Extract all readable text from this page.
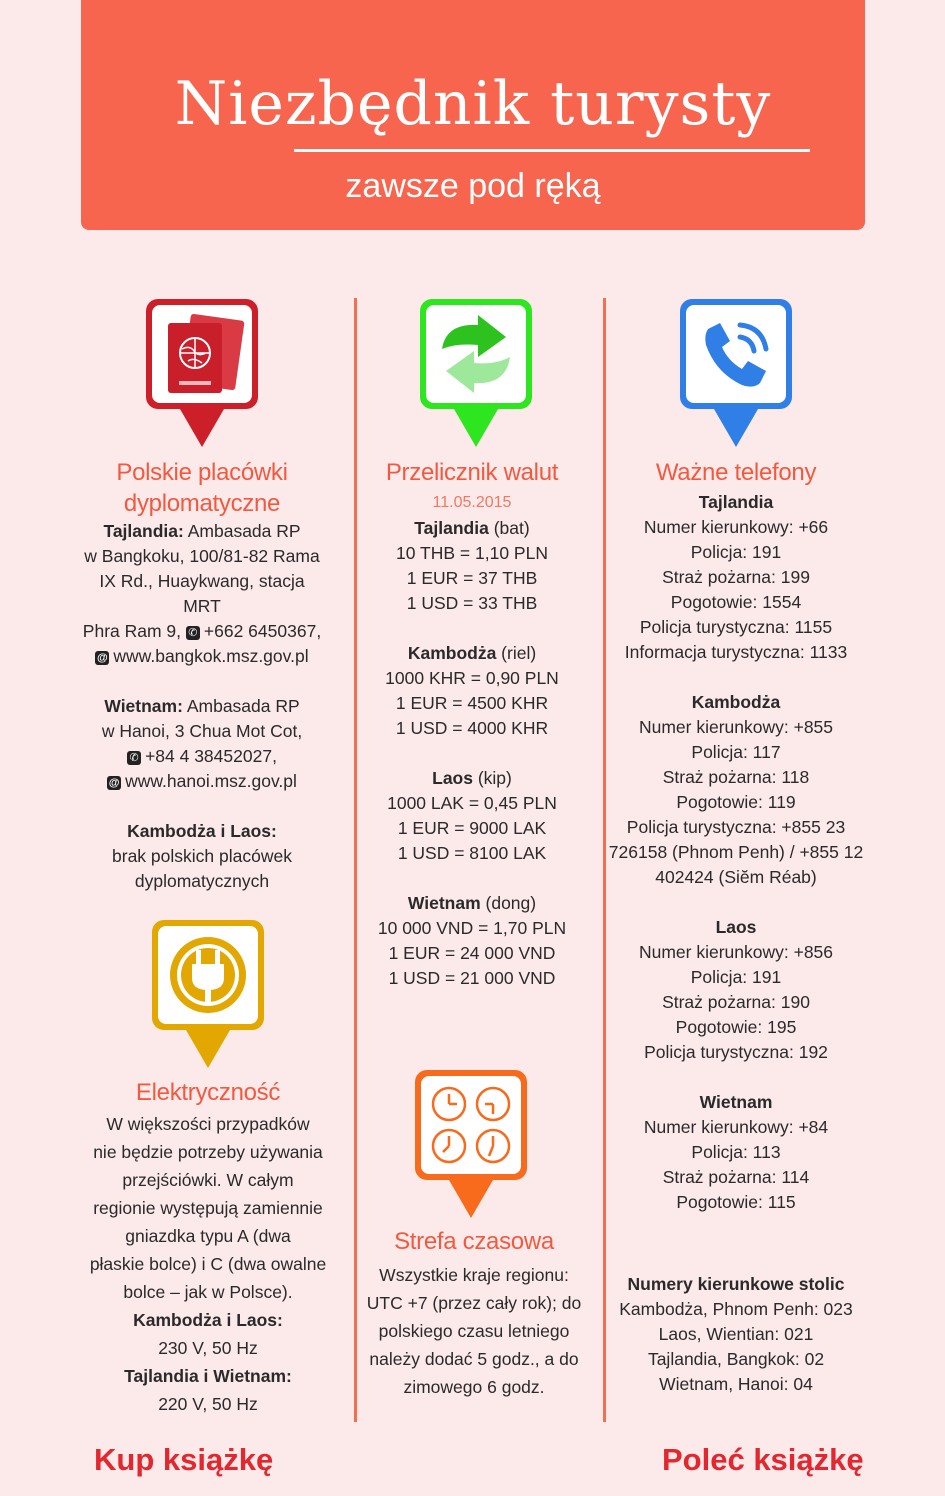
Niezbędnik turysty
zawsze pod ręką
Polskie placówki
dyplomatyczne
Tajlandia: Ambasada RP
w Bangkoku, 100/81-82 Rama
IX Rd., Huaykwang, stacja MRT
Phra Ram 9, ✆ +662 6450367,
@ www.bangkok.msz.gov.pl
Wietnam: Ambasada RP
w Hanoi, 3 Chua Mot Cot,
✆ +84 4 38452027,
@ www.hanoi.msz.gov.pl
Kambodża i Laos:
brak polskich placówek
dyplomatycznych
Elektryczność
W większości przypadków
nie będzie potrzeby używania
przejściówki. W całym
regionie występują zamiennie
gniazdka typu A (dwa
płaskie bolce) i C (dwa owalne
bolce – jak w Polsce).
Kambodża i Laos:
230 V, 50 Hz
Tajlandia i Wietnam:
220 V, 50 Hz
Przelicznik walut
11.05.2015
Tajlandia (bat)
10 THB = 1,10 PLN
1 EUR = 37 THB
1 USD = 33 THB
Kambodża (riel)
1000 KHR = 0,90 PLN
1 EUR = 4500 KHR
1 USD = 4000 KHR
Laos (kip)
1000 LAK = 0,45 PLN
1 EUR = 9000 LAK
1 USD = 8100 LAK
Wietnam (dong)
10 000 VND = 1,70 PLN
1 EUR = 24 000 VND
1 USD = 21 000 VND
Strefa czasowa
Wszystkie kraje regionu:
UTC +7 (przez cały rok); do
polskiego czasu letniego
należy dodać 5 godz., a do
zimowego 6 godz.
Ważne telefony
Tajlandia
Numer kierunkowy: +66
Policja: 191
Straż pożarna: 199
Pogotowie: 1554
Policja turystyczna: 1155
Informacja turystyczna: 1133
Kambodża
Numer kierunkowy: +855
Policja: 117
Straż pożarna: 118
Pogotowie: 119
Policja turystyczna: +855 23
726158 (Phnom Penh) / +855 12
402424 (Siĕm Réab)
Laos
Numer kierunkowy: +856
Policja: 191
Straż pożarna: 190
Pogotowie: 195
Policja turystyczna: 192
Wietnam
Numer kierunkowy: +84
Policja: 113
Straż pożarna: 114
Pogotowie: 115
Numery kierunkowe stolic
Kambodża, Phnom Penh: 023
Laos, Wientian: 021
Tajlandia, Bangkok: 02
Wietnam, Hanoi: 04
Kup książkę	Poleć książkę
